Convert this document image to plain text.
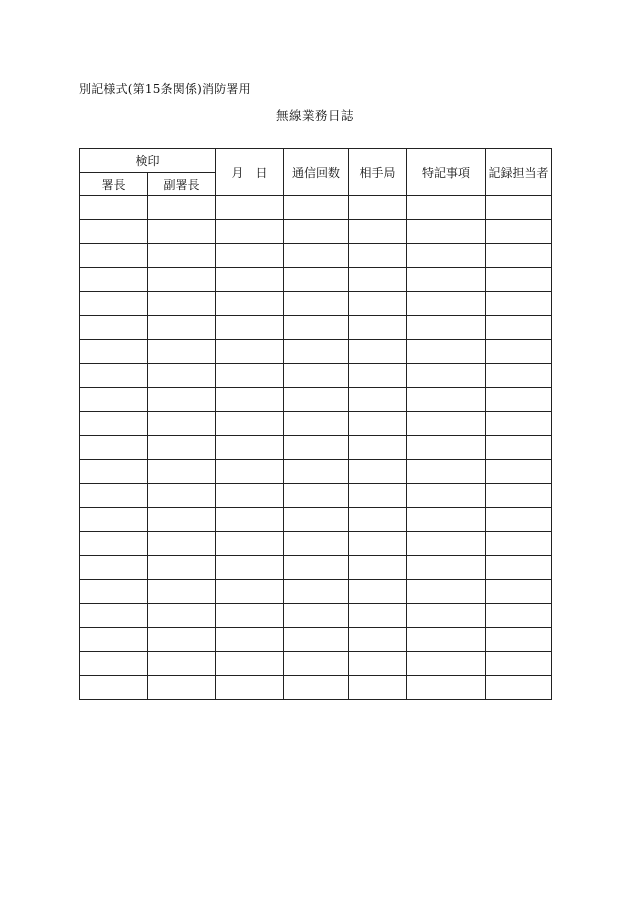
別記様式(第15条関係)消防署用
無線業務日誌
検印		月　日	通信回数	相手局	特記事項	記録担当者
署長	副署長					
